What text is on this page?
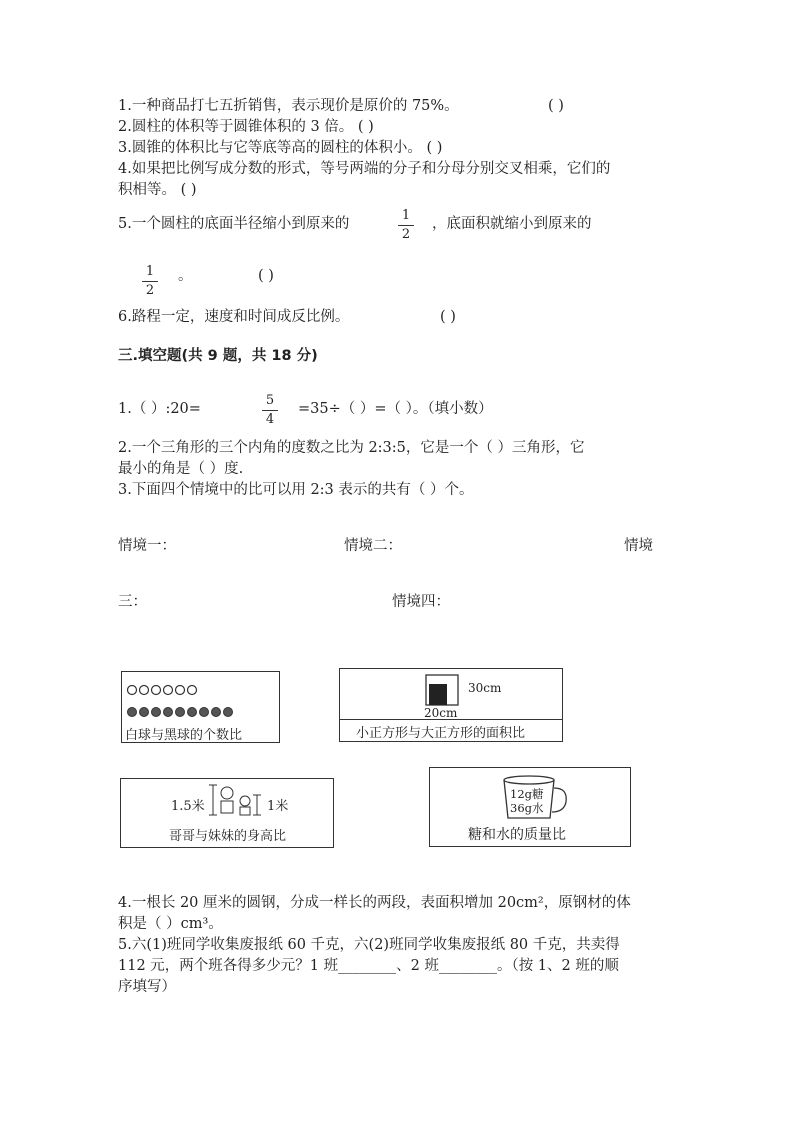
1.一种商品打七五折销售，表示现价是原价的 75%。	( )
2.圆柱的体积等于圆锥体积的 3 倍。 ( )
3.圆锥的体积比与它等底等高的圆柱的体积小。 ( )
4.如果把比例写成分数的形式，等号两端的分子和分母分别交叉相乘，它们的
积相等。 ( )
5.一个圆柱的底面半径缩小到原来的
1
2
，底面积就缩小到原来的
1
2
。	( )
6.路程一定，速度和时间成反比例。	( )
三.填空题(共 9 题，共 18 分)
1.（ ）:20=
5
4
=35÷（ ）=（ ）。（填小数）
2.一个三角形的三个内角的度数之比为 2:3:5，它是一个（ ）三角形，它
最小的角是（ ）度.
3.下面四个情境中的比可以用 2:3 表示的共有（ ）个。
情境一：	情境二：	情境
三：	情境四：
白球与黑球的个数比
30cm
20cm
小正方形与大正方形的面积比
1.5米	1米
哥哥与妹妹的身高比
12g糖
36g水
糖和水的质量比
4.一根长 20 厘米的圆钢，分成一样长的两段，表面积增加 20cm²，原钢材的体
积是（ ）cm³。
5.六(1)班同学收集废报纸 60 千克，六(2)班同学收集废报纸 80 千克，共卖得
112 元，两个班各得多少元？1 班________、2 班________。（按 1、2 班的顺
序填写）
